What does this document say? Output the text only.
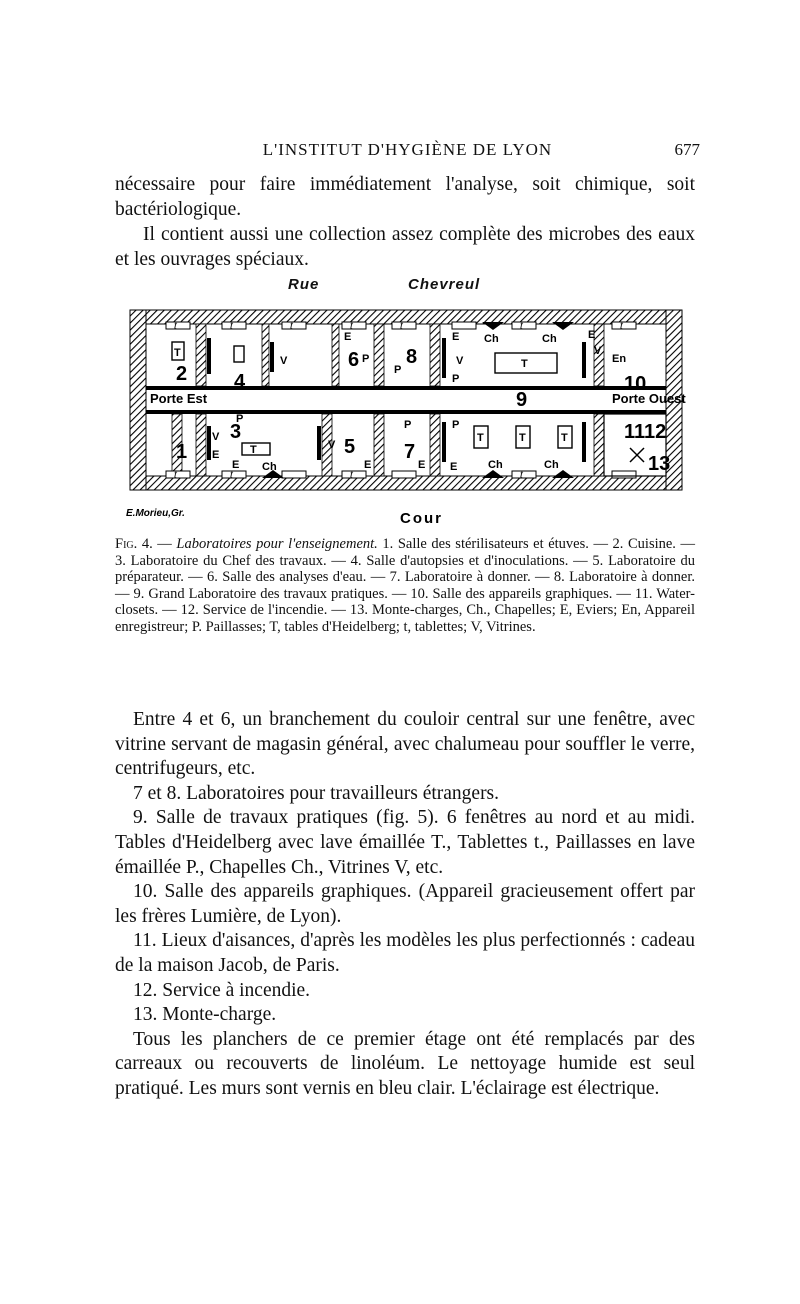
L'INSTITUT D'HYGIÈNE DE LYON	677

nécessaire pour faire immédiatement l'analyse, soit chimique, soit bactériologique.

Il contient aussi une collection assez complète des microbes des eaux et les ouvrages spéciaux.

Rue	Chevreul
Porte Est	Porte Ouest
2
1
3
4
5
6
7
8
9
10
11
12
13
T
T
T	T	T
T
Ch	Ch
Ch	Ch
Ch
En
V
V
V
V
V
P
P
P
P	P
P
E
E	E	E E
E
E	E
t	t	t	t	t	t	t
t	t	t	t
Cour
E.Morieu,Gr.

Fig. 4. — Laboratoires pour l'enseignement. 1. Salle des stérilisateurs et étuves. — 2. Cuisine. — 3. Laboratoire du Chef des travaux. — 4. Salle d'autopsies et d'inoculations. — 5. Laboratoire du préparateur. — 6. Salle des analyses d'eau. — 7. Laboratoire à donner. — 8. Laboratoire à donner. — 9. Grand Laboratoire des travaux pratiques. — 10. Salle des appareils graphiques. — 11. Water-closets. — 12. Service de l'incendie. — 13. Monte-charges, Ch., Chapelles; E, Eviers; En, Appareil enregistreur; P. Paillasses; T, tables d'Heidelberg; t, tablettes; V, Vitrines.

Entre 4 et 6, un branchement du couloir central sur une fenêtre, avec vitrine servant de magasin général, avec chalumeau pour souffler le verre, centrifugeurs, etc.

7 et 8. Laboratoires pour travailleurs étrangers.

9. Salle de travaux pratiques (fig. 5). 6 fenêtres au nord et au midi. Tables d'Heidelberg avec lave émaillée T., Tablettes t., Paillasses en lave émaillée P., Chapelles Ch., Vitrines V, etc.

10. Salle des appareils graphiques. (Appareil gracieusement offert par les frères Lumière, de Lyon).

11. Lieux d'aisances, d'après les modèles les plus perfectionnés : cadeau de la maison Jacob, de Paris.

12. Service à incendie.

13. Monte-charge.

Tous les planchers de ce premier étage ont été remplacés par des carreaux ou recouverts de linoléum. Le nettoyage humide est seul pratiqué. Les murs sont vernis en bleu clair. L'éclairage est électrique.
